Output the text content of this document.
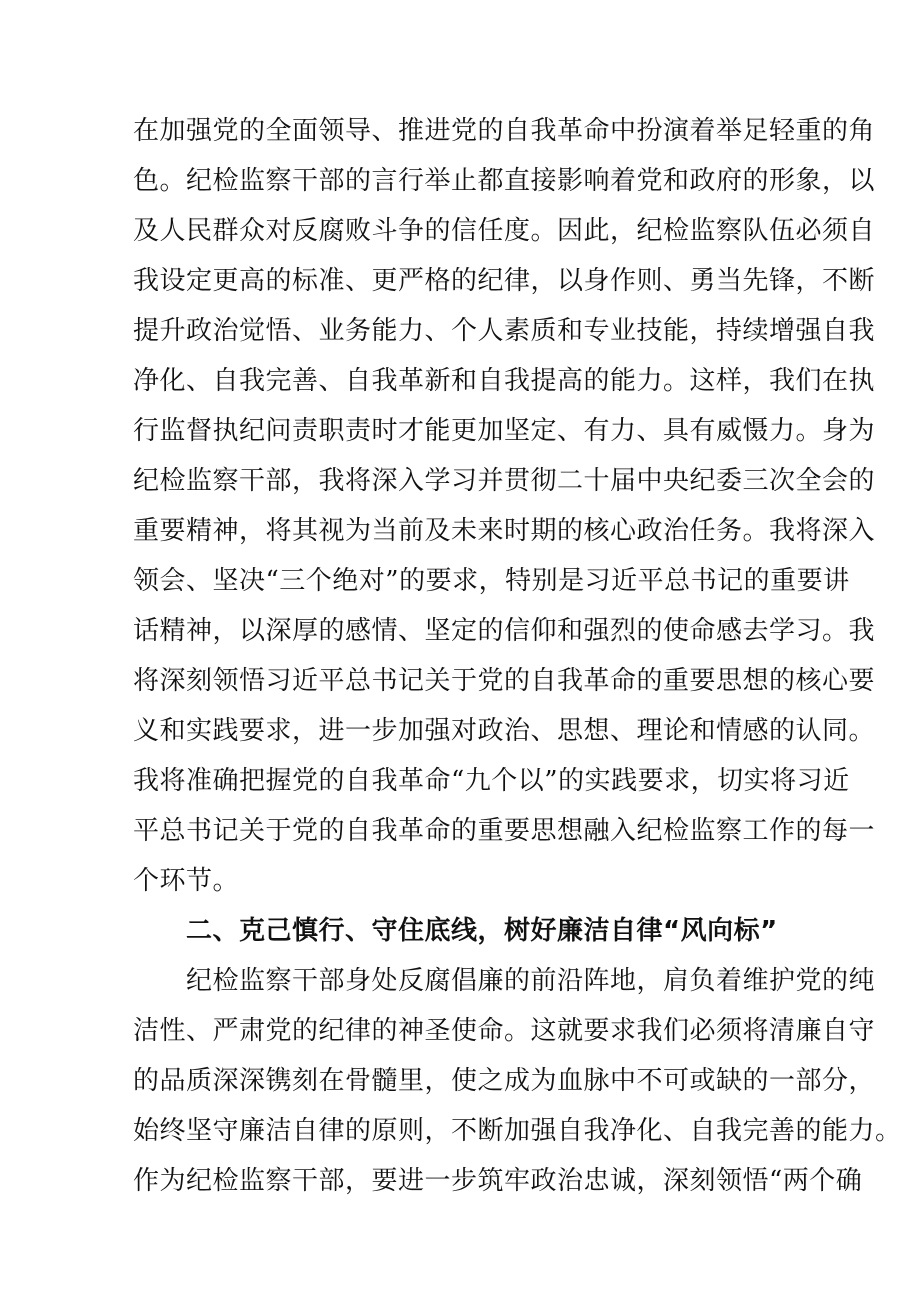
在加强党的全面领导、推进党的自我革命中扮演着举足轻重的角
色。纪检监察干部的言行举止都直接影响着党和政府的形象，以
及人民群众对反腐败斗争的信任度。因此，纪检监察队伍必须自
我设定更高的标准、更严格的纪律，以身作则、勇当先锋，不断
提升政治觉悟、业务能力、个人素质和专业技能，持续增强自我
净化、自我完善、自我革新和自我提高的能力。这样，我们在执
行监督执纪问责职责时才能更加坚定、有力、具有威慑力。身为
纪检监察干部，我将深入学习并贯彻二十届中央纪委三次全会的
重要精神，将其视为当前及未来时期的核心政治任务。我将深入
领会、坚决“三个绝对”的要求，特别是习近平总书记的重要讲
话精神，以深厚的感情、坚定的信仰和强烈的使命感去学习。我
将深刻领悟习近平总书记关于党的自我革命的重要思想的核心要
义和实践要求，进一步加强对政治、思想、理论和情感的认同。
我将准确把握党的自我革命“九个以”的实践要求，切实将习近
平总书记关于党的自我革命的重要思想融入纪检监察工作的每一
个环节。
二、克己慎行、守住底线，树好廉洁自律“风向标”
纪检监察干部身处反腐倡廉的前沿阵地，肩负着维护党的纯
洁性、严肃党的纪律的神圣使命。这就要求我们必须将清廉自守
的品质深深镌刻在骨髓里，使之成为血脉中不可或缺的一部分，
始终坚守廉洁自律的原则，不断加强自我净化、自我完善的能力。
作为纪检监察干部，要进一步筑牢政治忠诚，深刻领悟“两个确
